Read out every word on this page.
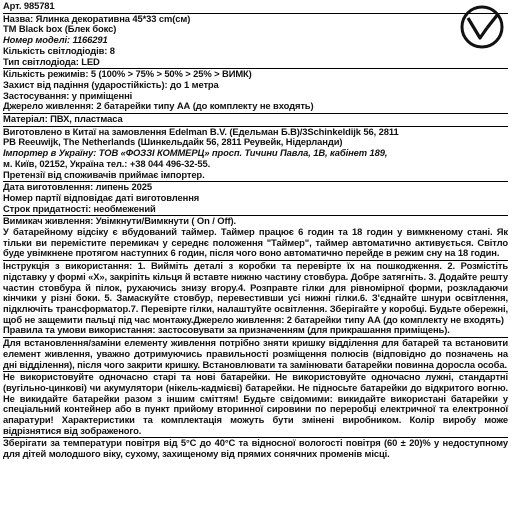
Арт. 985781
Назва: Ялинка декоративна 45*33 cm(см)
TM Black box (Блек бокс)
Номер моделі: 1166291
Кількість світлодіодів: 8
Тип світлодіода: LED
Кількість режимів: 5 (100% > 75% > 50% > 25% > ВИМК)
Захист від падіння (ударостійкість): до 1 метра
Застосування: у приміщенні
Джерело живлення: 2 батарейки типу АА (до комплекту не входять)
Матеріал: ПВХ, пластмаса
Виготовлено в Китаї на замовлення Edelman B.V. (Едельман Б.В)/3Schinkeldijk 56, 2811
PB Reeuwijk, The Netherlands (Шинкельдайк 56, 2811 Реувейк, Нідерланди)
Імпортер в Україну: ТОВ «ФОЗЗІ КОММЕРЦ» просп. Тичини Павла, 1В, кабінет 189,
м. Київ, 02152, Україна тел.: +38 044 496-32-55.
Претензії від споживачів приймає імпортер.
Дата виготовлення: липень 2025
Номер партії відповідає даті виготовлення
Строк придатності: необмежений
Вимикач живлення: Увімкнути/Вимкнути ( On / Off).

У батарейному відсіку є вбудований таймер. Таймер працює 6 годин та 18 годин у вимкненому стані. Як тільки ви перемістите перемикач у середнє положення "Таймер", таймер автоматично активується. Світло буде увімкнене протягом наступних 6 годин, після чого воно автоматично перейде в режим сну на 18 годин.

Інструкція з використання: 1. Вийміть деталі з коробки та перевірте їх на пошкодження. 2. Розмістіть підставку у формі «Х», закріпіть кільця й вставте нижню частину стовбура. Добре затягніть. 3. Додайте решту частин стовбура й пілок, рухаючись знизу вгору.4. Розправте гілки для рівномірної форми, розкладаючи кінчики у різні боки. 5. Замаскуйте стовбур, перевестивши усі нижні гілки.6. З'єднайте шнури освітлення, підключіть трансформатор.7. Перевірте гілки, налаштуйте освітлення. Зберігайте у коробці. Будьте обережні, щоб не защемити пальці під час монтажу.Джерело живлення: 2 батарейки типу АА (до комплекту не входять)

Правила та умови використання: застосовувати за призначенням (для прикрашання приміщень).

Для встановлення/заміни елементу живлення потрібно зняти кришку відділення для батарей та встановити елемент живлення, уважно дотримуючись правильності розміщення полюсів (відповідно до позначень на дні відділення), після чого закрити кришку. Встановлювати та замінювати батарейки повинна доросла особа.

Не використовуйте одночасно старі та нові батарейки. Не використовуйте одночасно лужні, стандартні (вугільно-цинкові) чи акумулятори (нікель-кадмієві) батарейки. Не підносьте батарейки до відкритого вогню. Не викидайте батарейки разом з іншим сміттям! Будьте свідомими: викидайте використані батарейки у спеціальний контейнер або в пункт прийому вторинної сировини по переробці електричної та електронної апаратури! Характеристики та комплектація можуть бути змінені виробником. Колір виробу може відрізнятися від зображеного.

Зберігати за температури повітря від 5°С до 40°С та відносної вологості повітря (60 ± 20)% у недоступному для дітей молодшого віку, сухому, захищеному від прямих сонячних променів місці.
